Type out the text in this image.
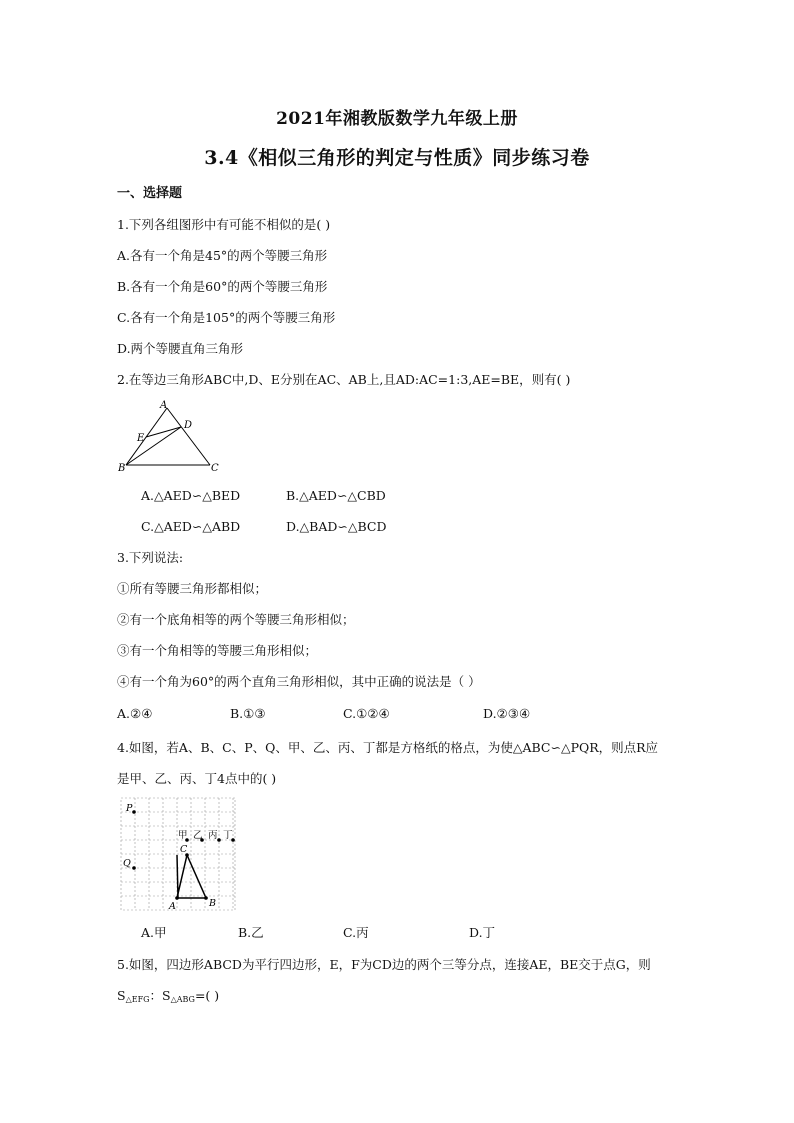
2021年湘教版数学九年级上册
3.4《相似三角形的判定与性质》同步练习卷
一、选择题
1.下列各组图形中有可能不相似的是( )
A.各有一个角是45°的两个等腰三角形
B.各有一个角是60°的两个等腰三角形
C.各有一个角是105°的两个等腰三角形
D.两个等腰直角三角形
2.在等边三角形ABC中,D、E分别在AC、AB上,且AD:AC=1:3,AE=BE，则有( )
A
D
E
B	C
A.△AED∽△BED	B.△AED∽△CBD
C.△AED∽△ABD	D.△BAD∽△BCD
3.下列说法:
①所有等腰三角形都相似；
②有一个底角相等的两个等腰三角形相似；
③有一个角相等的等腰三角形相似；
④有一个角为60°的两个直角三角形相似，其中正确的说法是（ ）
A.②④	B.①③	C.①②④	D.②③④
4.如图，若A、B、C、P、Q、甲、乙、丙、丁都是方格纸的格点，为使△ABC∽△PQR，则点R应
是甲、乙、丙、丁4点中的( )
P
Q
甲 乙 丙 丁
C
A	B
A.甲	B.乙	C.丙	D.丁
5.如图，四边形ABCD为平行四边形，E，F为CD边的两个三等分点，连接AE，BE交于点G，则
$S_{\triangle EFG}$：$S_{\triangle ABG}=$( )
